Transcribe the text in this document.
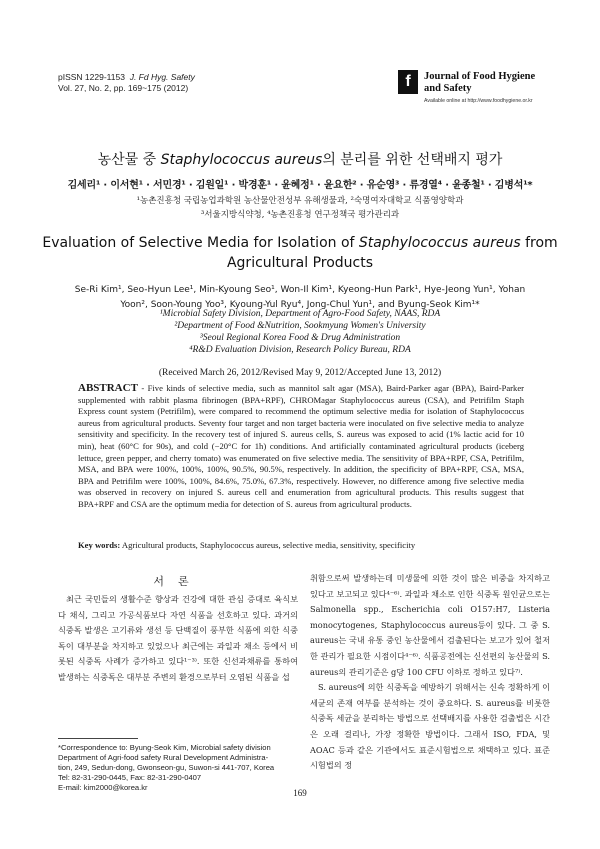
pISSN 1229-1153 J. Fd Hyg. Safety
Vol. 27, No. 2, pp. 169~175 (2012)	f	Journal of Food Hygiene
and Safety
Available online at http://www.foodhygiene.or.kr
농산물 중 Staphylococcus aureus의 분리를 위한 선택배지 평가
김세리¹ · 이서현¹ · 서민경¹ · 김원일¹ · 박경훈¹ · 윤혜정¹ · 윤요한² · 유순영³ · 류경열⁴ · 윤종철¹ · 김병석¹*
¹농촌진흥청 국립농업과학원 농산물안전성부 유해생물과, ²숙명여자대학교 식품영양학과
³서울지방식약청, ⁴농촌진흥청 연구정책국 평가관리과
Evaluation of Selective Media for Isolation of Staphylococcus aureus from Agricultural Products
Se-Ri Kim¹, Seo-Hyun Lee¹, Min-Kyoung Seo¹, Won-Il Kim¹, Kyeong-Hun Park¹, Hye-Jeong Yun¹, Yohan Yoon², Soon-Young Yoo³, Kyoung-Yul Ryu⁴, Jong-Chul Yun¹, and Byung-Seok Kim¹*
¹Microbial Safety Division, Department of Agro-Food Safety, NAAS, RDA
²Department of Food &Nutrition, Sookmyung Women's University
³Seoul Regional Korea Food & Drug Administration
⁴R&D Evaluation Division, Research Policy Bureau, RDA
(Received March 26, 2012/Revised May 9, 2012/Accepted June 13, 2012)
ABSTRACT - Five kinds of selective media, such as mannitol salt agar (MSA), Baird-Parker agar (BPA), Baird-Parker supplemented with rabbit plasma fibrinogen (BPA+RPF), CHROMagar Staphylococcus aureus (CSA), and Petrifilm Staph Express count system (Petrifilm), were compared to recommend the optimum selective media for isolation of Staphylococcus aureus from agricultural products. Seventy four target and non target bacteria were inoculated on five selective media to analyze sensitivity and specificity. In the recovery test of injured S. aureus cells, S. aureus was exposed to acid (1% lactic acid for 10 min), heat (60°C for 90s), and cold (−20°C for 1h) conditions. And artificially contaminated agricultural products (iceberg lettuce, green pepper, and cherry tomato) was enumerated on five selective media. The sensitivity of BPA+RPF, CSA, Petrifilm, MSA, and BPA were 100%, 100%, 100%, 90.5%, 90.5%, respectively. In addition, the specificity of BPA+RPF, CSA, MSA, BPA and Petrifilm were 100%, 100%, 84.6%, 75.0%, 67.3%, respectively. However, no difference among five selective media was observed in recovery on injured S. aureus cell and enumeration from agricultural products. This results suggest that BPA+RPF and CSA are the optimum media for detection of S. aureus from agricultural products.
Key words: Agricultural products, Staphylococcus aureus, selective media, sensitivity, specificity
서론
최근 국민들의 생활수준 향상과 건강에 대한 관심 증대로 육식보다 채식, 그리고 가공식품보다 자연 식품을 선호하고 있다. 과거의 식중독 발생은 고기류와 생선 등 단백질이 풍부한 식품에 의한 식중독이 대부분을 차지하고 있었으나 최근에는 과일과 채소 등에서 비롯된 식중독 사례가 증가하고 있다¹⁻³⁾. 또한 신선과채류를 통하여 발생하는 식중독은 대부분 주변의 환경으로부터 오염된 식품을 섭

취함으로써 발생하는데 미생물에 의한 것이 많은 비중을 차지하고 있다고 보고되고 있다⁴⁻⁶⁾. 과일과 채소로 인한 식중독 원인균으로는 Salmonella spp., Escherichia coli O157:H7, Listeria monocytogenes, Staphylococcus aureus등이 있다. 그 중 S. aureus는 국내 유통 중인 농산물에서 검출된다는 보고가 있어 철저한 관리가 필요한 시점이다⁴⁻⁶⁾. 식품공전에는 신선편의 농산물의 S. aureus의 관리기준은 g당 100 CFU 이하로 정하고 있다⁷⁾.

S. aureus에 의한 식중독을 예방하기 위해서는 신속 정확하게 이 세균의 존재 여부를 분석하는 것이 중요하다. S. aureus를 비롯한 식중독 세균을 분리하는 방법으로 선택배지를 사용한 검출법은 시간은 오래 걸리나, 가장 정확한 방법이다. 그래서 ISO, FDA, 및 AOAC 등과 같은 기관에서도 표준시험법으로 채택하고 있다. 표준시험법의 정

*Correspondence to: Byung-Seok Kim, Microbial safety division
Department of Agri-food safety Rural Development Administra-
tion, 249, Sedun-dong, Gwonseon-gu, Suwon-si 441-707, Korea
Tel: 82-31-290-0445, Fax: 82-31-290-0407
E-mail: kim2000@korea.kr
169
